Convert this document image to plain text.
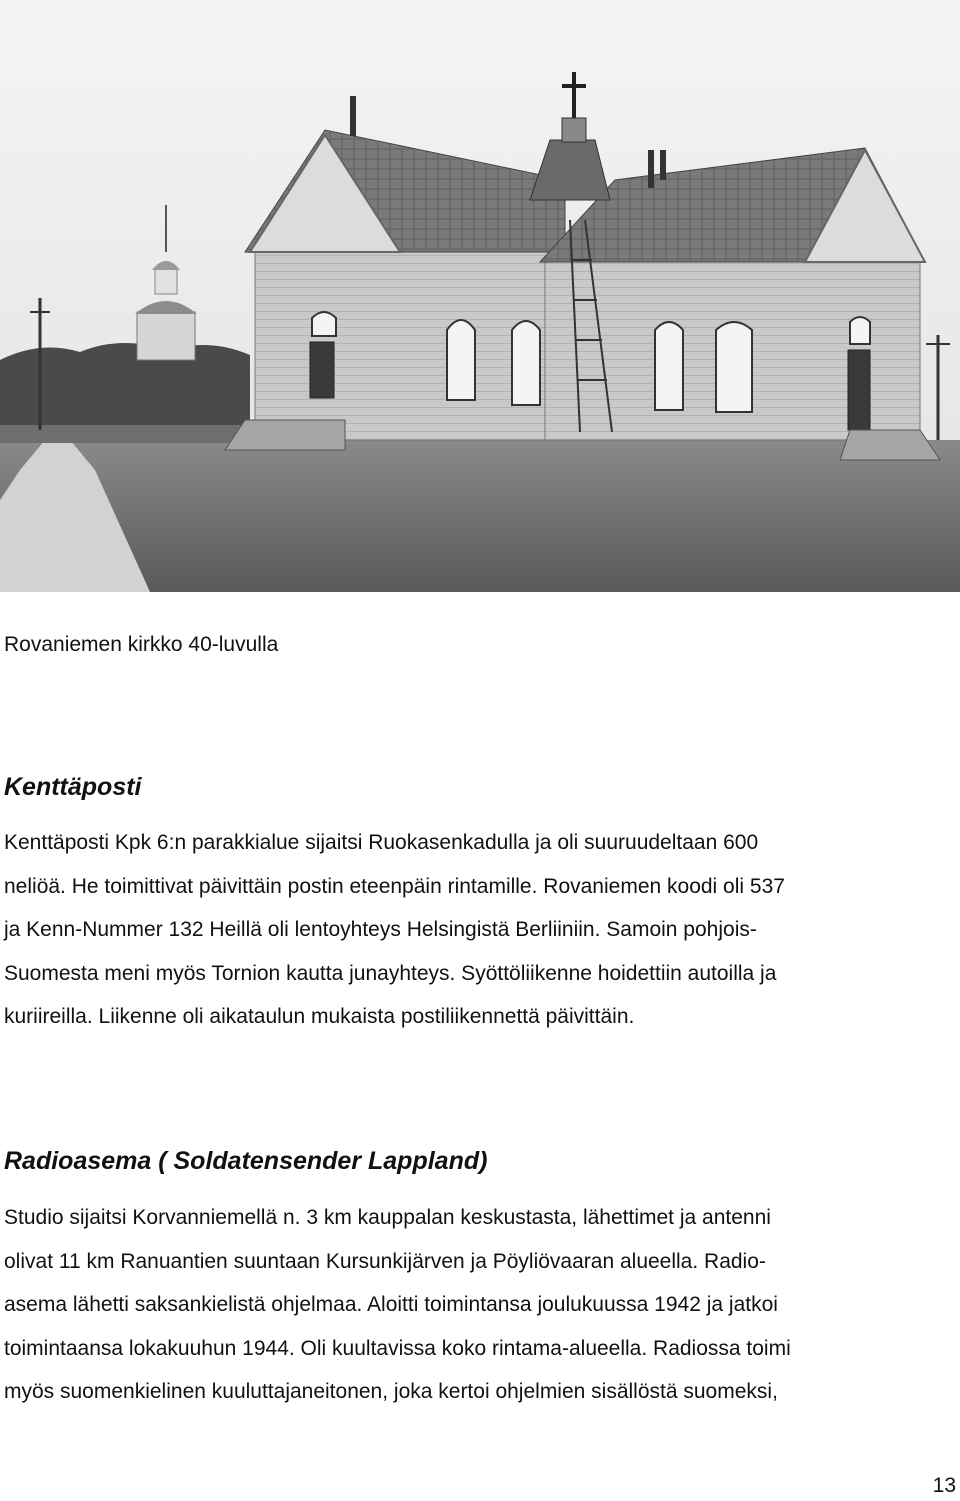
Rovaniemen kirkko 40-luvulla

Kenttäposti

Kenttäposti Kpk 6:n parakkialue sijaitsi Ruokasenkadulla ja oli suuruudeltaan 600
neliöä. He toimittivat päivittäin postin eteenpäin rintamille. Rovaniemen koodi oli 537
ja Kenn-Nummer 132 Heillä oli lentoyhteys Helsingistä Berliiniin. Samoin pohjois-
Suomesta meni myös Tornion kautta junayhteys. Syöttöliikenne hoidettiin autoilla ja
kuriireilla. Liikenne oli aikataulun mukaista postiliikennettä päivittäin.

Radioasema ( Soldatensender Lappland)

Studio sijaitsi Korvanniemellä n. 3 km kauppalan keskustasta, lähettimet ja antenni
olivat 11 km Ranuantien suuntaan Kursunkijärven ja Pöyliövaaran alueella. Radio-
asema lähetti saksankielistä ohjelmaa. Aloitti toimintansa joulukuussa 1942 ja jatkoi
toimintaansa lokakuuhun 1944. Oli kuultavissa koko rintama-alueella. Radiossa toimi
myös suomenkielinen kuuluttajaneitonen, joka kertoi ohjelmien sisällöstä suomeksi,

13
